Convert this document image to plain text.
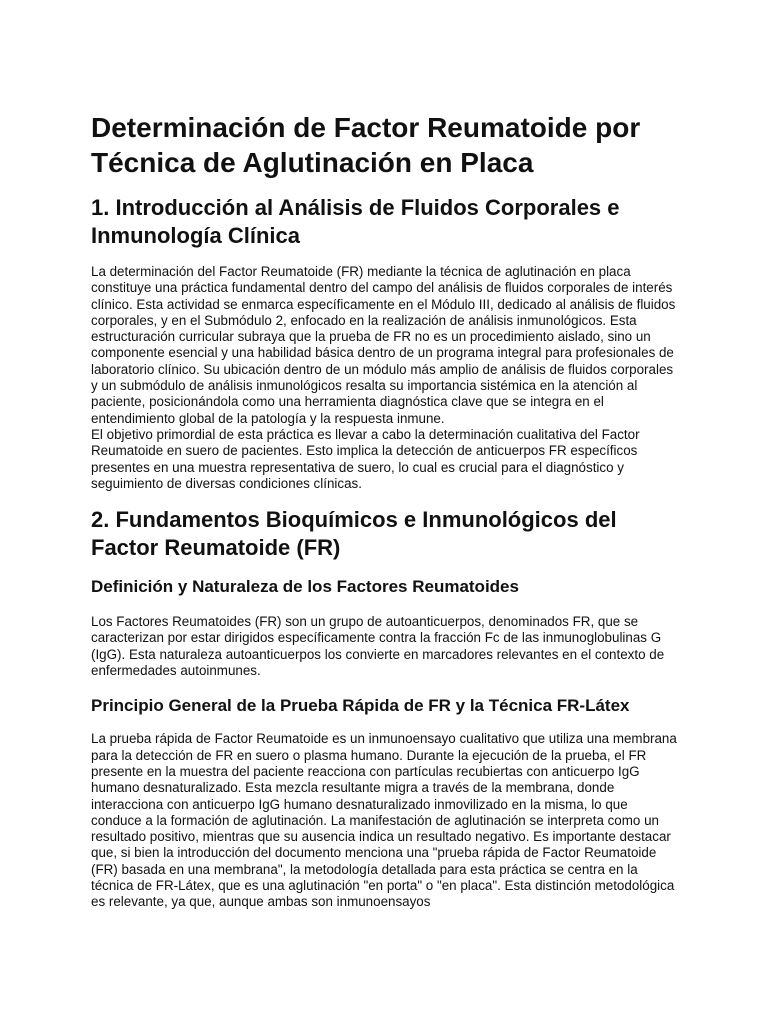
Determinación de Factor Reumatoide por Técnica de Aglutinación en Placa
1. Introducción al Análisis de Fluidos Corporales e Inmunología Clínica

La determinación del Factor Reumatoide (FR) mediante la técnica de aglutinación en placa constituye una práctica fundamental dentro del campo del análisis de fluidos corporales de interés clínico. Esta actividad se enmarca específicamente en el Módulo III, dedicado al análisis de fluidos corporales, y en el Submódulo 2, enfocado en la realización de análisis inmunológicos. Esta estructuración curricular subraya que la prueba de FR no es un procedimiento aislado, sino un componente esencial y una habilidad básica dentro de un programa integral para profesionales de laboratorio clínico. Su ubicación dentro de un módulo más amplio de análisis de fluidos corporales y un submódulo de análisis inmunológicos resalta su importancia sistémica en la atención al paciente, posicionándola como una herramienta diagnóstica clave que se integra en el entendimiento global de la patología y la respuesta inmune.

El objetivo primordial de esta práctica es llevar a cabo la determinación cualitativa del Factor Reumatoide en suero de pacientes. Esto implica la detección de anticuerpos FR específicos presentes en una muestra representativa de suero, lo cual es crucial para el diagnóstico y seguimiento de diversas condiciones clínicas.

2. Fundamentos Bioquímicos e Inmunológicos del Factor Reumatoide (FR)
Definición y Naturaleza de los Factores Reumatoides

Los Factores Reumatoides (FR) son un grupo de autoanticuerpos, denominados FR, que se caracterizan por estar dirigidos específicamente contra la fracción Fc de las inmunoglobulinas G (IgG). Esta naturaleza autoanticuerpos los convierte en marcadores relevantes en el contexto de enfermedades autoinmunes.

Principio General de la Prueba Rápida de FR y la Técnica FR-Látex

La prueba rápida de Factor Reumatoide es un inmunoensayo cualitativo que utiliza una membrana para la detección de FR en suero o plasma humano. Durante la ejecución de la prueba, el FR presente en la muestra del paciente reacciona con partículas recubiertas con anticuerpo IgG humano desnaturalizado. Esta mezcla resultante migra a través de la membrana, donde interacciona con anticuerpo IgG humano desnaturalizado inmovilizado en la misma, lo que conduce a la formación de aglutinación. La manifestación de aglutinación se interpreta como un resultado positivo, mientras que su ausencia indica un resultado negativo. Es importante destacar que, si bien la introducción del documento menciona una "prueba rápida de Factor Reumatoide (FR) basada en una membrana", la metodología detallada para esta práctica se centra en la técnica de FR-Látex, que es una aglutinación "en porta" o "en placa". Esta distinción metodológica es relevante, ya que, aunque ambas son inmunoensayos
